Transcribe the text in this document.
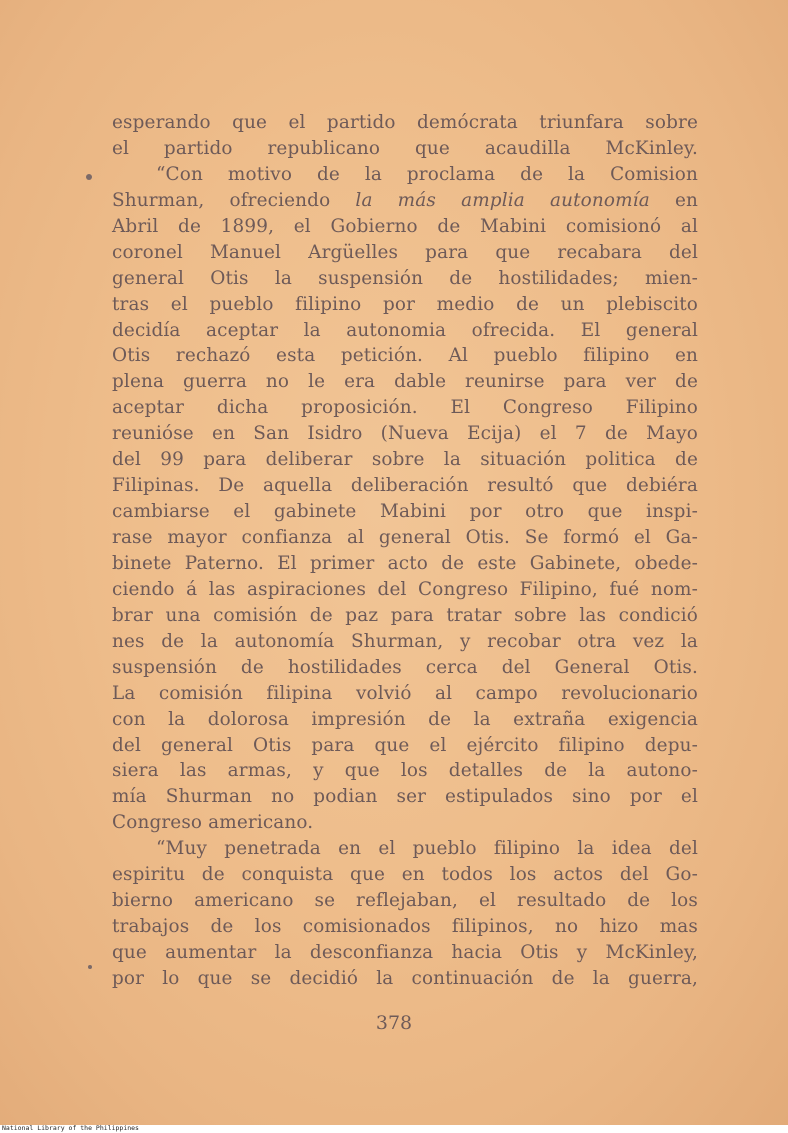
esperando que el partido demócrata triunfara sobre
el partido republicano que acaudilla McKinley.
“Con motivo de la proclama de la Comision
Shurman, ofreciendo la más amplia autonomía en
Abril de 1899, el Gobierno de Mabini comisionó al
coronel Manuel Argüelles para que recabara del
general Otis la suspensión de hostilidades; mien-
tras el pueblo filipino por medio de un plebiscito
decidía aceptar la autonomia ofrecida. El general
Otis rechazó esta petición. Al pueblo filipino en
plena guerra no le era dable reunirse para ver de
aceptar dicha proposición. El Congreso Filipino
reunióse en San Isidro (Nueva Ecija) el 7 de Mayo
del 99 para deliberar sobre la situación politica de
Filipinas. De aquella deliberación resultó que debiéra
cambiarse el gabinete Mabini por otro que inspi-
rase mayor confianza al general Otis. Se formó el Ga-
binete Paterno. El primer acto de este Gabinete, obede-
ciendo á las aspiraciones del Congreso Filipino, fué nom-
brar una comisión de paz para tratar sobre las condició
nes de la autonomía Shurman, y recobar otra vez la
suspensión de hostilidades cerca del General Otis.
La comisión filipina volvió al campo revolucionario
con la dolorosa impresión de la extraña exigencia
del general Otis para que el ejército filipino depu-
siera las armas, y que los detalles de la autono-
mía Shurman no podian ser estipulados sino por el
Congreso americano.
“Muy penetrada en el pueblo filipino la idea del
espiritu de conquista que en todos los actos del Go-
bierno americano se reflejaban, el resultado de los
trabajos de los comisionados filipinos, no hizo mas
que aumentar la desconfianza hacia Otis y McKinley,
por lo que se decidió la continuación de la guerra,
378
National Library of the Philippines
